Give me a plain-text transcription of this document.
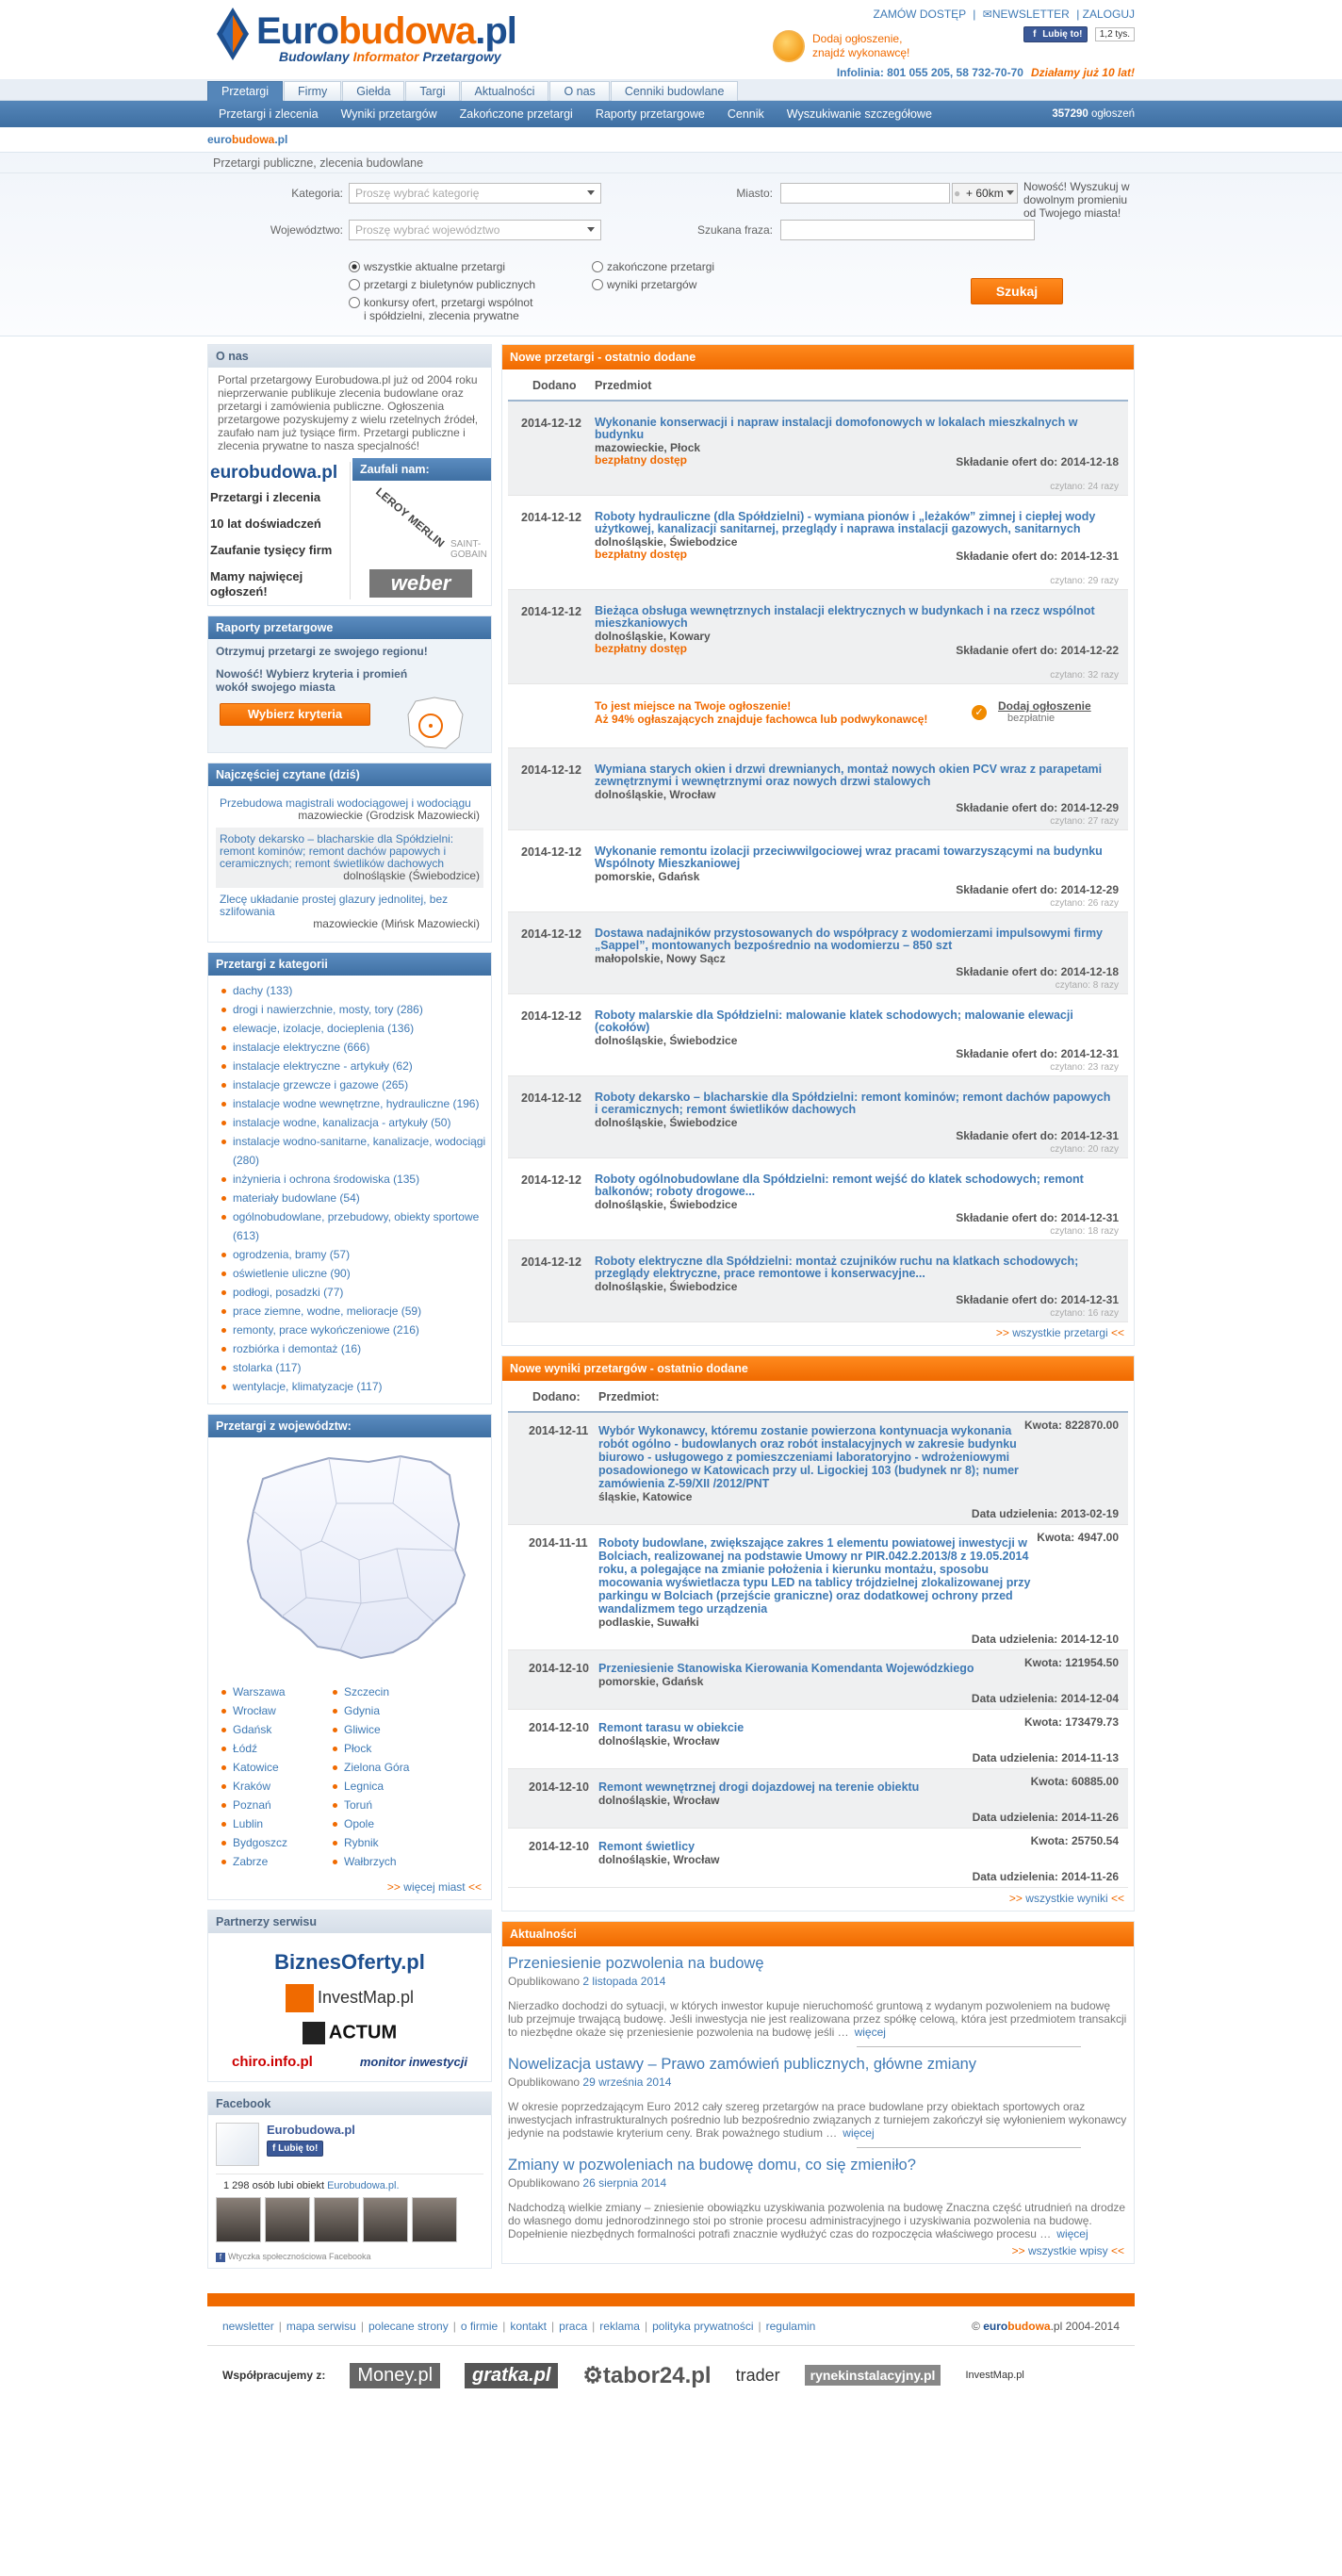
Eurobudowa.pl
Budowlany Informator Przetargowy
ZAMÓW DOSTĘP | ✉NEWSLETTER | ZALOGUJ
f Lubię to! 1,2 tys.
Dodaj ogłoszenie,
znajdź wykonawcę!
Infolinia: 801 055 205, 58 732-70-70 Działamy już 10 lat!
Przetargi	Firmy	Giełda	Targi	Aktualności	O nas	Cenniki budowlane
Przetargi i zlecenia Wyniki przetargów Zakończone przetargi Raporty przetargowe Cennik Wyszukiwanie szczegółowe	357290 ogłoszeń
eurobudowa.pl
Przetargi publiczne, zlecenia budowlane
Kategoria:	Proszę wybrać kategorię
Województwo:	Proszę wybrać województwo
Miasto:	● + 60km	Nowość! Wyszukuj w dowolnym promieniu od Twojego miasta!
Szukana fraza:
wszystkie aktualne przetargi
przetargi z biuletynów publicznych
konkursy ofert, przetargi wspólnot i spółdzielni, zlecenia prywatne
zakończone przetargi
wyniki przetargów	Szukaj
O nas

Portal przetargowy Eurobudowa.pl już od 2004 roku nieprzerwanie publikuje zlecenia budowlane oraz przetargi i zamówienia publiczne. Ogłoszenia przetargowe pozyskujemy z wielu rzetelnych źródeł, zaufało nam już tysiące firm. Przetargi publiczne i zlecenia prywatne to nasza specjalność!

eurobudowa.pl
Przetargi i zlecenia
10 lat doświadczeń
Zaufanie tysięcy firm
Mamy najwięcej ogłoszeń!
Zaufali nam:
LEROY MERLIN SAINT-GOBAIN
weber
Raporty przetargowe
Otrzymuj przetargi ze swojego regionu!
Nowość! Wybierz kryteria i promień wokół swojego miasta
Wybierz kryteria
Najczęściej czytane (dziś)
Przebudowa magistrali wodociągowej i wodociągu
mazowieckie (Grodzisk Mazowiecki)
Roboty dekarsko – blacharskie dla Spółdzielni: remont kominów; remont dachów papowych i ceramicznych; remont świetlików dachowych
dolnośląskie (Świebodzice)
Zlecę układanie prostej glazury jednolitej, bez szlifowania
mazowieckie (Mińsk Mazowiecki)
Przetargi z kategorii
dachy (133)
drogi i nawierzchnie, mosty, tory (286)
elewacje, izolacje, docieplenia (136)
instalacje elektryczne (666)
instalacje elektryczne - artykuły (62)
instalacje grzewcze i gazowe (265)
instalacje wodne wewnętrzne, hydrauliczne (196)
instalacje wodne, kanalizacja - artykuły (50)
instalacje wodno-sanitarne, kanalizacje, wodociągi (280)
inżynieria i ochrona środowiska (135)
materiały budowlane (54)
ogólnobudowlane, przebudowy, obiekty sportowe (613)
ogrodzenia, bramy (57)
oświetlenie uliczne (90)
podłogi, posadzki (77)
prace ziemne, wodne, melioracje (59)
remonty, prace wykończeniowe (216)
rozbiórka i demontaż (16)
stolarka (117)
wentylacje, klimatyzacje (117)
Przetargi z województw:
Warszawa
Wrocław
Gdańsk
Łódź
Katowice
Kraków
Poznań
Lublin
Bydgoszcz
Zabrze
Szczecin
Gdynia
Gliwice
Płock
Zielona Góra
Legnica
Toruń
Opole
Rybnik
Wałbrzych
>> więcej miast <<
Partnerzy serwisu
BiznesOferty.pl
InvestMap.pl
ACTUM
chiro.info.pl	monitor inwestycji
Facebook
Eurobudowa.pl
f Lubię to!
1 298 osób lubi obiekt Eurobudowa.pl.
f Wtyczka społecznościowa Facebooka
Nowe przetargi - ostatnio dodane
Dodano Przedmiot
2014-12-12 Wykonanie konserwacji i napraw instalacji domofonowych w lokalach mieszkalnych w budynku
mazowieckie, Płock
bezpłatny dostęp	Składanie ofert do: 2014-12-18
czytano: 24 razy
2014-12-12 Roboty hydrauliczne (dla Spółdzielni) - wymiana pionów i „leżaków” zimnej i ciepłej wody użytkowej, kanalizacji sanitarnej, przeglądy i naprawa instalacji gazowych, sanitarnych
dolnośląskie, Świebodzice
bezpłatny dostęp	Składanie ofert do: 2014-12-31
czytano: 29 razy
2014-12-12 Bieżąca obsługa wewnętrznych instalacji elektrycznych w budynkach i na rzecz wspólnot mieszkaniowych
dolnośląskie, Kowary
bezpłatny dostęp	Składanie ofert do: 2014-12-22
czytano: 32 razy
To jest miejsce na Twoje ogłoszenie!
Aż 94% ogłaszających znajduje fachowca lub podwykonawcę!	✓ Dodaj ogłoszenie
bezpłatnie
2014-12-12 Wymiana starych okien i drzwi drewnianych, montaż nowych okien PCV wraz z parapetami zewnętrznymi i wewnętrznymi oraz nowych drzwi stalowych
dolnośląskie, Wrocław
Składanie ofert do: 2014-12-29
czytano: 27 razy
2014-12-12 Wykonanie remontu izolacji przeciwwilgociowej wraz pracami towarzyszącymi na budynku Wspólnoty Mieszkaniowej
pomorskie, Gdańsk
Składanie ofert do: 2014-12-29
czytano: 26 razy
2014-12-12 Dostawa nadajników przystosowanych do współpracy z wodomierzami impulsowymi firmy „Sappel”, montowanych bezpośrednio na wodomierzu – 850 szt
małopolskie, Nowy Sącz
Składanie ofert do: 2014-12-18
czytano: 8 razy
2014-12-12 Roboty malarskie dla Spółdzielni: malowanie klatek schodowych; malowanie elewacji (cokołów)
dolnośląskie, Świebodzice
Składanie ofert do: 2014-12-31
czytano: 23 razy
2014-12-12 Roboty dekarsko – blacharskie dla Spółdzielni: remont kominów; remont dachów papowych i ceramicznych; remont świetlików dachowych
dolnośląskie, Świebodzice
Składanie ofert do: 2014-12-31
czytano: 20 razy
2014-12-12 Roboty ogólnobudowlane dla Spółdzielni: remont wejść do klatek schodowych; remont balkonów; roboty drogowe...
dolnośląskie, Świebodzice
Składanie ofert do: 2014-12-31
czytano: 18 razy
2014-12-12 Roboty elektryczne dla Spółdzielni: montaż czujników ruchu na klatkach schodowych; przeglądy elektryczne, prace remontowe i konserwacyjne...
dolnośląskie, Świebodzice
Składanie ofert do: 2014-12-31
czytano: 16 razy
>> wszystkie przetargi <<
Nowe wyniki przetargów - ostatnio dodane
Dodano: Przedmiot:
2014-12-11	Kwota: 822870.00
Wybór Wykonawcy, któremu zostanie powierzona kontynuacja wykonania robót ogólno - budowlanych oraz robót instalacyjnych w zakresie budynku biurowo - usługowego z pomieszczeniami laboratoryjno - wdrożeniowymi posadowionego w Katowicach przy ul. Ligockiej 103 (budynek nr 8); numer zamówienia Z-59/XII /2012/PNT
śląskie, Katowice
Data udzielenia: 2013-02-19
2014-11-11	Kwota: 4947.00
Roboty budowlane, zwiększające zakres 1 elementu powiatowej inwestycji w Bolciach, realizowanej na podstawie Umowy nr PIR.042.2.2013/8 z 19.05.2014 roku, a polegające na zmianie położenia i kierunku montażu, sposobu mocowania wyświetlacza typu LED na tablicy trójdzielnej zlokalizowanej przy parkingu w Bolciach (przejście graniczne) oraz dodatkowej ochrony przed wandalizmem tego urządzenia
podlaskie, Suwałki
Data udzielenia: 2014-12-10
2014-12-10	Kwota: 121954.50
Przeniesienie Stanowiska Kierowania Komendanta Wojewódzkiego
pomorskie, Gdańsk
Data udzielenia: 2014-12-04
2014-12-10	Kwota: 173479.73
Remont tarasu w obiekcie
dolnośląskie, Wrocław
Data udzielenia: 2014-11-13
2014-12-10	Kwota: 60885.00
Remont wewnętrznej drogi dojazdowej na terenie obiektu
dolnośląskie, Wrocław
Data udzielenia: 2014-11-26
2014-12-10	Kwota: 25750.54
Remont świetlicy
dolnośląskie, Wrocław
Data udzielenia: 2014-11-26
>> wszystkie wyniki <<
Aktualności
Przeniesienie pozwolenia na budowę
Opublikowano 2 listopada 2014
Nierzadko dochodzi do sytuacji, w których inwestor kupuje nieruchomość gruntową z wydanym pozwoleniem na budowę lub przejmuje trwającą budowę. Jeśli inwestycja nie jest realizowana przez spółkę celową, która jest przedmiotem transakcji to niezbędne okaże się przeniesienie pozwolenia na budowę jeśli … więcej
Nowelizacja ustawy – Prawo zamówień publicznych, główne zmiany
Opublikowano 29 września 2014
W okresie poprzedzającym Euro 2012 cały szereg przetargów na prace budowlane przy obiektach sportowych oraz inwestycjach infrastrukturalnych pośrednio lub bezpośrednio związanych z turniejem zakończył się wyłonieniem wykonawcy jedynie na podstawie kryterium ceny. Brak poważnego studium … więcej
Zmiany w pozwoleniach na budowę domu, co się zmieniło?
Opublikowano 26 sierpnia 2014
Nadchodzą wielkie zmiany – zniesienie obowiązku uzyskiwania pozwolenia na budowę Znaczna część utrudnień na drodze do własnego domu jednorodzinnego stoi po stronie procesu administracyjnego i uzyskiwania pozwolenia na budowę. Dopełnienie niezbędnych formalności potrafi znacznie wydłużyć czas do rozpoczęcia właściwego procesu … więcej
>> wszystkie wpisy <<
newsletter | mapa serwisu | polecane strony | o firmie | kontakt | praca | reklama | polityka prywatności | regulamin	© eurobudowa.pl 2004-2014
Współpracujemy z:	Money.pl	gratka.pl	⚙tabor24.pl trader	rynekinstalacyjny.pl	InvestMap.pl
